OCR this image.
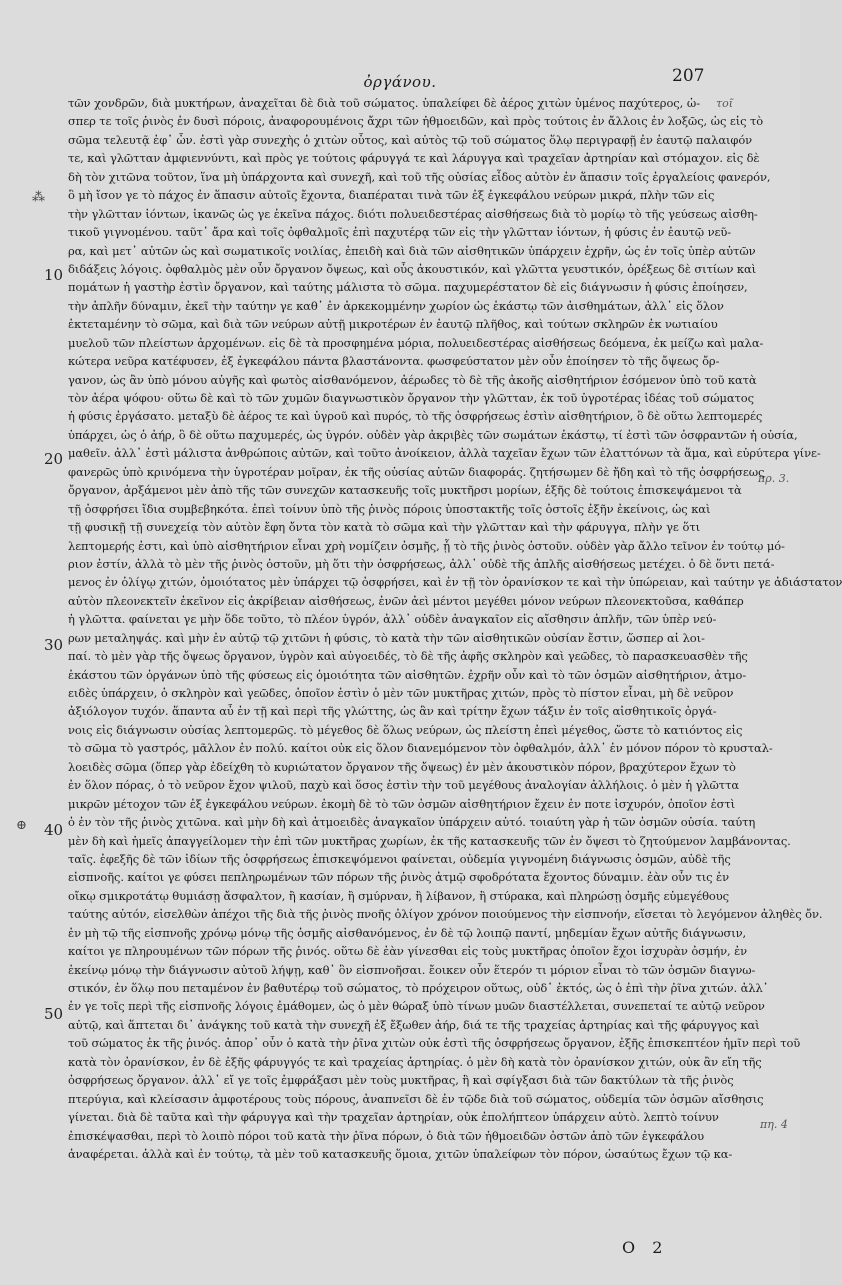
ὀργάνου.	207
τοῖ
πρ. 3.
πη. 4
⁂
⊕
10
20
30
40
50
τῶν χονδρῶν, διὰ μυκτήρων, ἀναχεῖται δὲ διὰ τοῦ σώματος. ὑπαλείφει δὲ ἀέρος χιτὼν ὑμένος παχύτερος, ὡ-
σπερ τε τοῖς ῥινὸς ἐν δυσὶ πόροις, ἀναφορουμένοις ἄχρι τῶν ἠθμοειδῶν, καὶ πρὸς τούτοις ἐν ἄλλοις ἐν λοξῶς, ὡς εἰς τὸ
σῶμα τελευτᾷ ἐφ᾽ ὧν. ἐστὶ γὰρ συνεχὴς ὁ χιτὼν οὗτος, καὶ αὐτὸς τῷ τοῦ σώματος ὅλῳ περιγραφῇ ἐν ἑαυτῷ παλαιφόν
τε, καὶ γλῶτταν ἀμφιεννύντι, καὶ πρὸς γε τούτοις φάρυγγά τε καὶ λάρυγγα καὶ τραχεῖαν ἀρτηρίαν καὶ στόμαχον. εἰς δὲ
δὴ τὸν χιτῶνα τοῦτον, ἵνα μὴ ὑπάρχοντα καὶ συνεχῆ, καὶ τοῦ τῆς οὐσίας εἶδος αὐτὸν ἐν ἅπασιν τοῖς ἐργαλείοις φανερόν,
ὃ μὴ ἴσον γε τὸ πάχος ἐν ἅπασιν αὐτοῖς ἔχοντα, διαπέραται τινὰ τῶν ἐξ ἐγκεφάλου νεύρων μικρά, πλὴν τῶν εἰς
τὴν γλῶτταν ἰόντων, ἱκανῶς ὡς γε ἐκεῖνα πάχος. διότι πολυειδεστέρας αἰσθήσεως διὰ τὸ μορίῳ τὸ τῆς γεύσεως αἰσθη-
τικοῦ γιγνομένου. ταῦτ᾽ ἄρα καὶ τοῖς ὀφθαλμοῖς ἐπὶ παχυτέρᾳ τῶν εἰς τὴν γλῶτταν ἰόντων, ἡ φύσις ἐν ἑαυτῷ νεῦ-
ρα, καὶ μετ᾽ αὐτῶν ὡς καὶ σωματικοῖς νοιλίας, ἐπειδὴ καὶ διὰ τῶν αἰσθητικῶν ὑπάρχειν ἐχρῆν, ὡς ἐν τοῖς ὑπὲρ αὐτῶν
διδάξεις λόγοις. ὀφθαλμὸς μὲν οὖν ὄργανον ὄψεως, καὶ οὖς ἀκουστικόν, καὶ γλῶττα γευστικόν, ὀρέξεως δὲ σιτίων καὶ
πομάτων ἡ γαστὴρ ἐστὶν ὄργανον, καὶ ταύτης μάλιστα τὸ σῶμα. παχυμερέστατον δὲ εἰς διάγνωσιν ἡ φύσις ἐποίησεν,
τὴν ἁπλῆν δύναμιν, ἐκεῖ τὴν ταύτην γε καθ᾽ ἐν ἀρκεκομμένην χωρίον ὡς ἑκάστῳ τῶν ἀισθημάτων, ἀλλ᾽ εἰς ὅλον
ἐκτεταμένην τὸ σῶμα, καὶ διὰ τῶν νεύρων αὐτῇ μικροτέρων ἐν ἑαυτῷ πλῆθος, καὶ τούτων σκληρῶν ἐκ νωτιαίου
μυελοῦ τῶν πλείστων ἀρχομένων. εἰς δὲ τὰ προσφημένα μόρια, πολυειδεστέρας αἰσθήσεως δεόμενα, ἐκ μείζω καὶ μαλα-
κώτερα νεῦρα κατέφυσεν, ἐξ ἐγκεφάλου πάντα βλαστάνοντα. φωσφεύστατον μὲν οὖν ἐποίησεν τὸ τῆς ὄψεως ὄρ-
γανον, ὡς ἂν ὑπὸ μόνου αὐγῆς καὶ φωτὸς αἰσθανόμενον, ἀέρωδες τὸ δὲ τῆς ἀκοῆς αἰσθητήριον ἐσόμενον ὑπὸ τοῦ κατὰ
τὸν ἀέρα ψόφου· οὕτω δὲ καὶ τὸ τῶν χυμῶν διαγνωστικὸν ὄργανον τὴν γλῶτταν, ἐκ τοῦ ὑγροτέρας ἰδέας τοῦ σώματος
ἡ φύσις ἐργάσατο. μεταξὺ δὲ ἀέρος τε καὶ ὑγροῦ καὶ πυρός, τὸ τῆς ὀσφρήσεως ἐστὶν αἰσθητήριον, ὃ δὲ οὕτω λεπτομερές
ὑπάρχει, ὡς ὁ ἀήρ, ὃ δὲ οὕτω παχυμερές, ὡς ὑγρόν. οὐδὲν γὰρ ἀκριβὲς τῶν σωμάτων ἑκάστῳ, τί ἐστὶ τῶν ὀσφραντῶν ἡ οὐσία,
μαθεῖν. ἀλλ᾽ ἐστὶ μάλιστα ἀνθρώποις αὐτῶν, καὶ τοῦτο ἀνοίκειον, ἀλλὰ ταχεῖαν ἔχων τῶν ἐλαττόνων τὰ ἅμα, καὶ εὐρύτερα γίνε-
φανερῶς ὑπὸ κρινόμενα τὴν ὑγροτέραν μοῖραν, ἐκ τῆς οὐσίας αὐτῶν διαφοράς. ζητήσωμεν δὲ ἤδη καὶ τὸ τῆς ὀσφρήσεως
ὄργανον, ἀρξάμενοι μὲν ἀπὸ τῆς τῶν συνεχῶν κατασκευῆς τοῖς μυκτῆρσι μορίων, ἑξῆς δὲ τούτοις ἐπισκεψάμενοι τὰ
τῇ ὀσφρήσει ἴδια συμβεβηκότα. ἐπεὶ τοίνυν ὑπὸ τῆς ῥινὸς πόροις ὑποστακτῆς τοῖς ὀστοῖς ἐξῆν ἐκείνοις, ὡς καὶ
τῇ φυσικῇ τῇ συνεχείᾳ τὸν αὐτὸν ἔφη ὄντα τὸν κατὰ τὸ σῶμα καὶ τὴν γλῶτταν καὶ τὴν φάρυγγα, πλὴν γε ὅτι
λεπτομερής ἐστι, καὶ ὑπὸ αἰσθητήριον εἶναι χρὴ νομίζειν ὀσμῆς, ᾗ τὸ τῆς ῥινὸς ὀστοῦν. οὐδὲν γὰρ ἄλλο τεῖνον ἐν τούτῳ μό-
ριον ἐστίν, ἀλλὰ τὸ μὲν τῆς ῥινὸς ὀστοῦν, μὴ ὅτι τὴν ὀσφρήσεως, ἀλλ᾽ οὐδὲ τῆς ἁπλῆς αἰσθήσεως μετέχει. ὁ δὲ ὅντι πετά-
μενος ἐν ὀλίγῳ χιτών, ὁμοιότατος μὲν ὑπάρχει τῷ ὀσφρήσει, καὶ ἐν τῇ τὸν ὀρανίσκον τε καὶ τὴν ὑπώρειαν, καὶ ταύτην γε ἀδιάστατον
αὐτὸν πλεονεκτεῖν ἐκεῖνον εἰς ἀκρίβειαν αἰσθήσεως, ἐνῶν ἀεὶ μέντοι μεγέθει μόνον νεύρων πλεονεκτοῦσα, καθάπερ
ἡ γλῶττα. φαίνεται γε μὴν ὅδε τοῦτο, τὸ πλέον ὑγρόν, ἀλλ᾽ οὐδὲν ἀναγκαῖον εἰς αἴσθησιν ἁπλῆν, τῶν ὑπὲρ νεύ-
ρων μεταληψάς. καὶ μὴν ἐν αὐτῷ τῷ χιτῶνι ἡ φύσις, τὸ κατὰ τὴν τῶν αἰσθητικῶν οὐσίαν ἔστιν, ὥσπερ αἱ λοι-
παί. τὸ μὲν γὰρ τῆς ὄψεως ὄργανον, ὑγρὸν καὶ αὐγοειδές, τὸ δὲ τῆς ἀφῆς σκληρὸν καὶ γεῶδες, τὸ παρασκευασθὲν τῆς
ἑκάστου τῶν ὀργάνων ὑπὸ τῆς φύσεως εἰς ὁμοιότητα τῶν αἰσθητῶν. ἐχρῆν οὖν καὶ τὸ τῶν ὀσμῶν αἰσθητήριον, ἀτμο-
ειδὲς ὑπάρχειν, ὁ σκληρὸν καὶ γεῶδες, ὁποῖον ἐστὶν ὁ μὲν τῶν μυκτῆρας χιτών, πρὸς τὸ πίστον εἶναι, μὴ δὲ νεῦρον
ἀξιόλογον τυχόν. ἅπαντα αὖ ἐν τῇ καὶ περὶ τῆς γλώττης, ὡς ἂν καὶ τρίτην ἔχων τάξιν ἐν τοῖς αἰσθητικοῖς ὀργά-
νοις εἰς διάγνωσιν οὐσίας λεπτομερῶς. τὸ μέγεθος δὲ ὅλως νεύρων, ὡς πλείστη ἐπεὶ μέγεθος, ὥστε τὸ κατιόντος εἰς
τὸ σῶμα τὸ γαστρός, μᾶλλον ἐν πολύ. καίτοι οὐκ εἰς ὅλον διανεμόμενον τὸν ὀφθαλμόν, ἀλλ᾽ ἐν μόνον πόρον τὸ κρυσταλ-
λοειδὲς σῶμα (ὅπερ γὰρ ἐδείχθη τὸ κυριώτατον ὄργανον τῆς ὄψεως) ἐν μὲν ἀκουστικὸν πόρον, βραχύτερον ἔχων τὸ
ἐν ὅλον πόρας, ὁ τὸ νεῦρον ἔχον ψιλοῦ, παχὺ καὶ ὅσος ἐστὶν τὴν τοῦ μεγέθους ἀναλογίαν ἀλλήλοις. ὁ μὲν ἡ γλῶττα
μικρῶν μέτοχον τῶν ἐξ ἐγκεφάλου νεύρων. ἐκομὴ δὲ τὸ τῶν ὀσμῶν αἰσθητήριον ἔχειν ἐν ποτε ἰσχυρόν, ὁποῖον ἐστὶ
ὁ ἐν τὸν τῆς ῥινὸς χιτῶνα. καὶ μὴν δὴ καὶ ἀτμοειδὲς ἀναγκαῖον ὑπάρχειν αὐτό. τοιαύτη γὰρ ἡ τῶν ὀσμῶν οὐσία. ταύτη
μὲν δὴ καὶ ἡμεῖς ἀπαγγείλομεν τὴν ἐπὶ τῶν μυκτῆρας χωρίων, ἐκ τῆς κατασκευῆς τῶν ἐν ὄψεσι τὸ ζητούμενον λαμβάνοντας.
ταῖς. ἐφεξῆς δὲ τῶν ἰδίων τῆς ὀσφρήσεως ἐπισκεψόμενοι φαίνεται, οὐδεμία γιγνομένη διάγνωσις ὀσμῶν, αὐδὲ τῆς
εἰσπνοῆς. καίτοι γε φύσει πεπληρωμένων τῶν πόρων τῆς ῥινὸς ἀτμῷ σφοδρότατα ἔχοντος δύναμιν. ἐὰν οὖν τις ἐν
οἴκῳ σμικροτάτῳ θυμιάσῃ ἄσφαλτον, ἢ κασίαν, ἢ σμύρναν, ἢ λίβανον, ἢ στύρακα, καὶ πληρώσῃ ὀσμῆς εὐμεγέθους
ταύτης αὐτόν, εἰσελθὼν ἀπέχοι τῆς διὰ τῆς ῥινὸς πνοῆς ὀλίγον χρόνον ποιούμενος τὴν εἰσπνοήν, εἴσεται τὸ λεγόμενον ἀληθὲς ὄν.
ἐν μὴ τῷ τῆς εἰσπνοῆς χρόνῳ μόνῳ τῆς ὀσμῆς αἰσθανόμενος, ἐν δὲ τῷ λοιπῷ παντί, μηδεμίαν ἔχων αὐτῆς διάγνωσιν,
καίτοι γε πληρουμένων τῶν πόρων τῆς ῥινός. οὕτω δὲ ἐὰν γίνεσθαι εἰς τοὺς μυκτῆρας ὁποῖον ἔχοι ἰσχυρὰν ὀσμήν, ἐν
ἐκείνῳ μόνῳ τὴν διάγνωσιν αὐτοῦ λήψῃ, καθ᾽ ὃν εἰσπνοῆσαι. ἔοικεν οὖν ἕτερόν τι μόριον εἶναι τὸ τῶν ὀσμῶν διαγνω-
στικόν, ἐν ὅλῳ που πεταμένον ἐν βαθυτέρῳ τοῦ σώματος, τὸ πρόχειρον οὕτως, οὐδ᾽ ἐκτός, ὡς ὁ ἐπὶ τὴν ῥῖνα χιτών. ἀλλ᾽
ἐν γε τοῖς περὶ τῆς εἰσπνοῆς λόγοις ἐμάθομεν, ὡς ὁ μὲν θώραξ ὑπὸ τίνων μυῶν διαστέλλεται, συνεπεταί τε αὐτῷ νεῦρον
αὐτῷ, καὶ ἅπτεται δι᾽ ἀνάγκης τοῦ κατὰ τὴν συνεχῆ ἐξ ἔξωθεν ἀήρ, διά τε τῆς τραχείας ἀρτηρίας καὶ τῆς φάρυγγος καὶ
τοῦ σώματος ἐκ τῆς ῥινός. ἀπορ᾽ οὖν ὁ κατὰ τὴν ῥῖνα χιτὼν οὐκ ἐστὶ τῆς ὀσφρήσεως ὄργανον, ἐξῆς ἐπισκεπτέον ἡμῖν περὶ τοῦ
κατὰ τὸν ὀρανίσκον, ἐν δὲ ἐξῆς φάρυγγός τε καὶ τραχείας ἀρτηρίας. ὁ μὲν δὴ κατὰ τὸν ὀρανίσκον χιτών, οὐκ ἂν εἴη τῆς
ὀσφρήσεως ὄργανον. ἀλλ᾽ εἴ γε τοῖς ἐμφράξασι μὲν τοὺς μυκτῆρας, ἢ καὶ σφίγξασι διὰ τῶν δακτύλων τὰ τῆς ῥινὸς
πτερύγια, καὶ κλείσασιν ἀμφοτέρους τοὺς πόρους, ἀναπνεῖσι δὲ ἐν τῷδε διὰ τοῦ σώματος, οὐδεμία τῶν ὀσμῶν αἴσθησις
γίνεται. διὰ δὲ ταῦτα καὶ τὴν φάρυγγα καὶ τὴν τραχεῖαν ἀρτηρίαν, οὐκ ἐπολήπτεον ὑπάρχειν αὐτὸ. λεπτὸ τοίνυν
ἐπισκέψασθαι, περὶ τὸ λοιπὸ πόροι τοῦ κατὰ τὴν ῥῖνα πόρων, ὁ διὰ τῶν ἠθμοειδῶν ὀστῶν ἀπὸ τῶν ἐγκεφάλου
ἀναφέρεται. ἀλλὰ καὶ ἐν τούτῳ, τὰ μὲν τοῦ κατασκευῆς ὅμοια, χιτῶν ὑπαλείφων τὸν πόρον, ὡσαύτως ἔχων τῷ κα-
O 2
